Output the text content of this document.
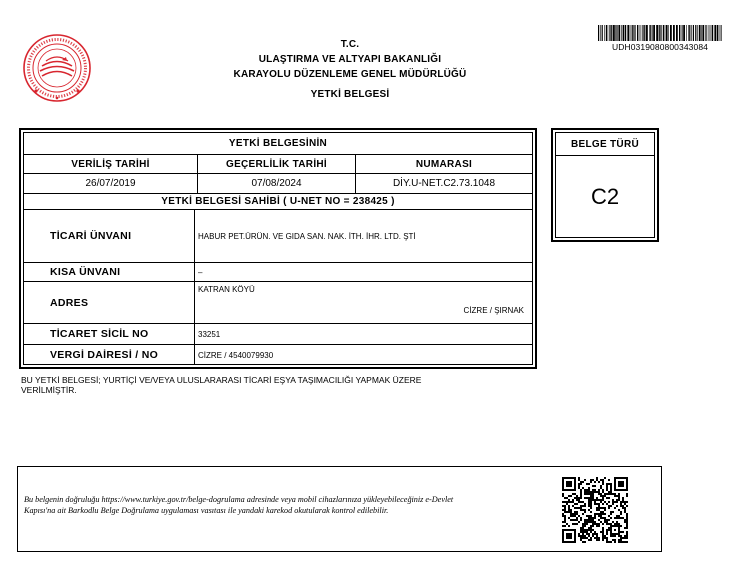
T.C.
ULAŞTIRMA VE ALTYAPI BAKANLIĞI
KARAYOLU DÜZENLEME GENEL MÜDÜRLÜĞÜ
YETKİ BELGESİ
UDH0319080800343084
YETKİ BELGESİNİN
VERİLİŞ TARİHİ	GEÇERLİLİK TARİHİ	NUMARASI
26/07/2019	07/08/2024	DİY.U-NET.C2.73.1048
YETKİ BELGESİ SAHİBİ ( U-NET NO = 238425 )
TİCARİ ÜNVANI	HABUR PET.ÜRÜN. VE GIDA SAN. NAK. İTH. İHR. LTD. ŞTİ
KISA ÜNVANI	–
ADRES
KATRAN KÖYÜ
CİZRE / ŞIRNAK
TİCARET SİCİL NO	33251
VERGİ DAİRESİ / NO	CİZRE / 4540079930
BELGE TÜRÜ
C2
BU YETKİ BELGESİ; YURTİÇİ VE/VEYA ULUSLARARASI TİCARİ EŞYA TAŞIMACILIĞI YAPMAK ÜZERE
VERİLMİŞTİR.
Bu belgenin doğruluğu https://www.turkiye.gov.tr/belge-dogrulama adresinde veya mobil cihazlarınıza yükleyebileceğiniz e-Devlet
Kapısı'na ait Barkodlu Belge Doğrulama uygulaması vasıtası ile yandaki karekod okutularak kontrol edilebilir.
